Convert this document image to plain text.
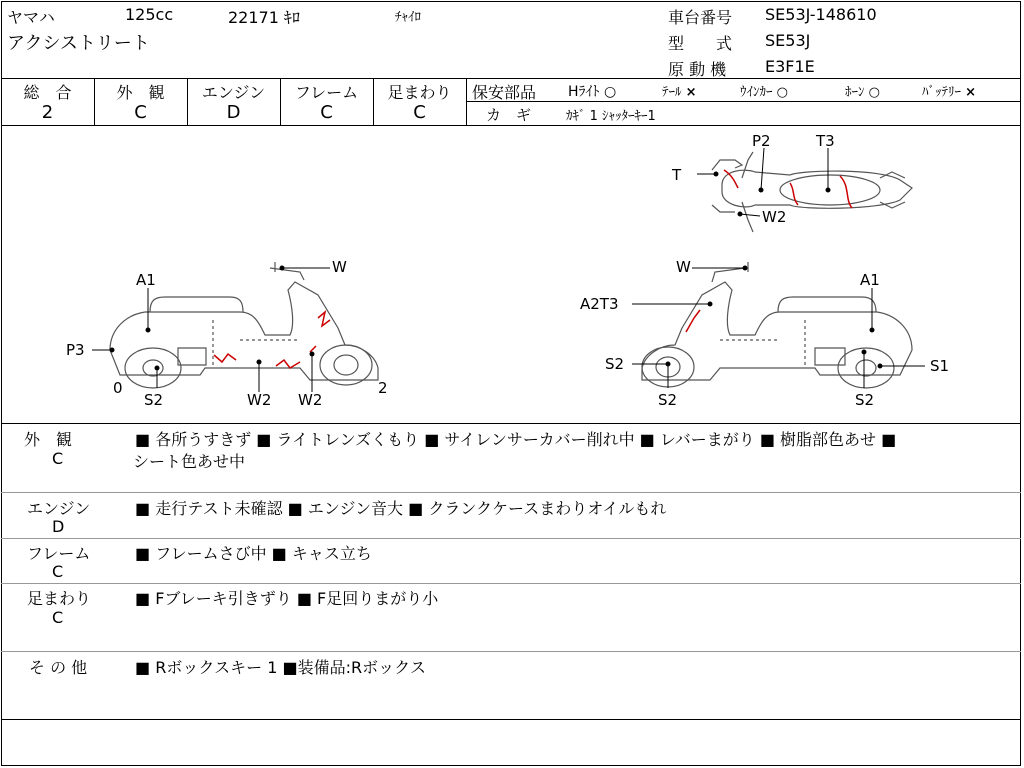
ヤマハ	125cc	22171 ｷﾛ	ﾁｬｲﾛ
アクシストリート
車台番号 SE53J-148610
型　　式 SE53J
原 動 機 E3F1E
総　合
2
外　観
C
エンジン
D
フレーム
C
足まわり
C
保安部品 Hﾗｲﾄ ○	ﾃｰﾙ ×	ｳｲﾝｶｰ ○	ﾎｰﾝ ○	ﾊﾞｯﾃﾘｰ ×
カ　ギ	ｶｷﾞ 1 ｼｬｯﾀｰｷｰ1
P2	T3
T
W2
W
A1
P3
0
S2	W2 W2
2
W
A1
A2T3
S2	S1
S2	S2
外　観
C
■ 各所うすきず ■ ライトレンズくもり ■ サイレンサーカバー削れ中 ■ レバーまがり ■ 樹脂部色あせ ■
シート色あせ中
エンジン
D
■ 走行テスト未確認 ■ エンジン音大 ■ クランクケースまわりオイルもれ
フレーム
C
■ フレームさび中 ■ キャス立ち
足まわり
C
■ Fブレーキ引きずり ■ F足回りまがり小
そ の 他	■ Rボックスキー 1 ■装備品:Rボックス
